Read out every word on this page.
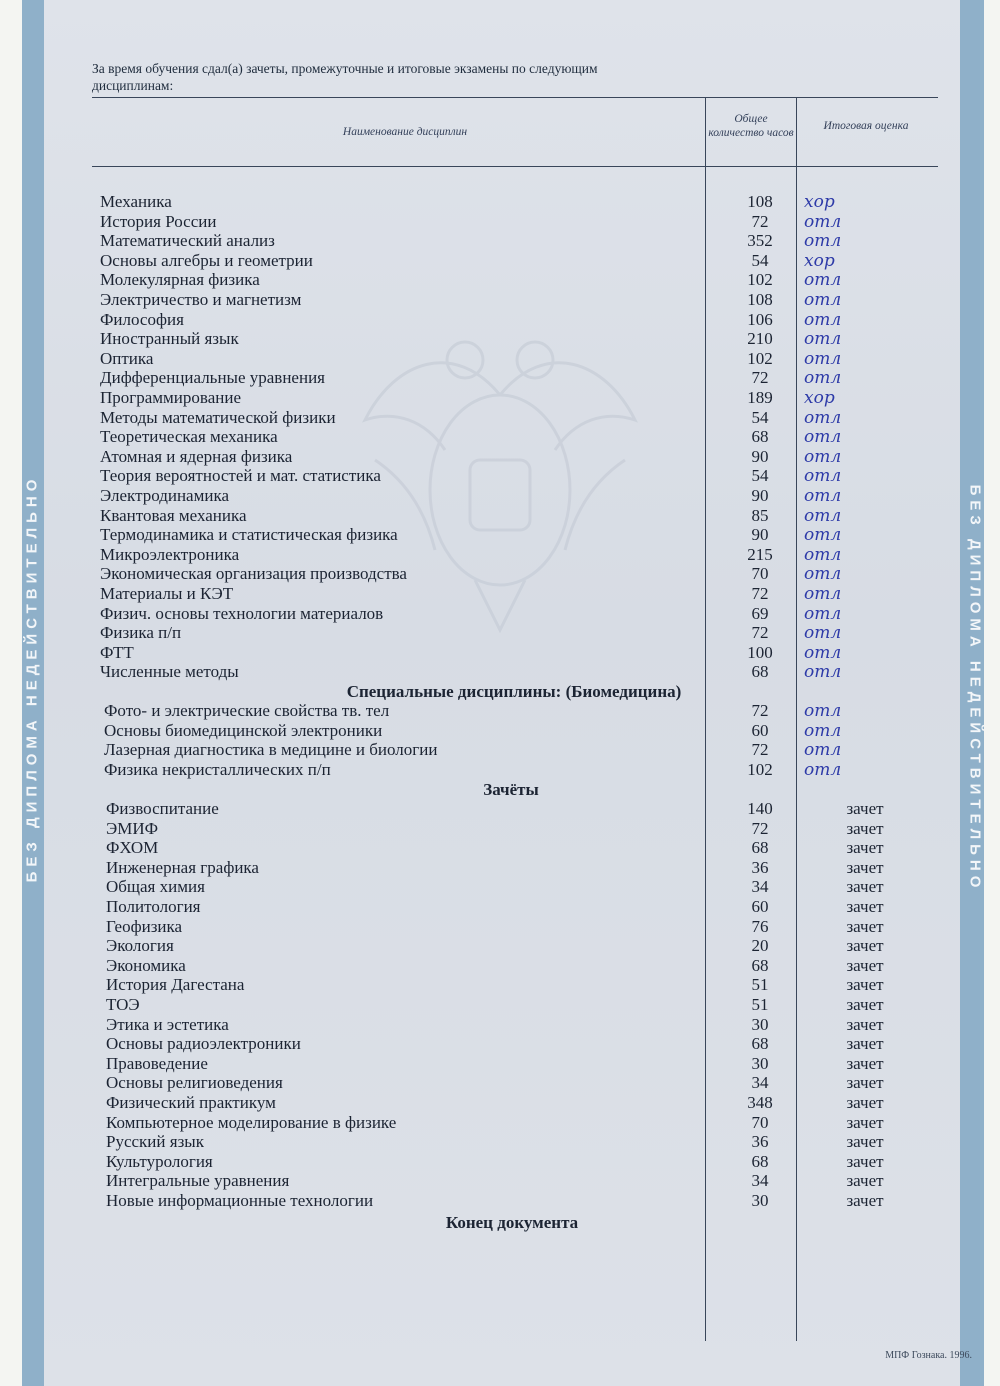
БЕЗ ДИПЛОМА НЕДЕЙСТВИТЕЛЬНО	БЕЗ ДИПЛОМА НЕДЕЙСТВИТЕЛЬНО
За время обучения сдал(а) зачеты, промежуточные и итоговые экзамены по следующим дисциплинам:
Наименование дисциплин
Общее количество часов
Итоговая оценка
Механика	108	хор
История России	72	отл
Математический анализ	352	отл
Основы алгебры и геометрии	54	хор
Молекулярная физика	102	отл
Электричество и магнетизм	108	отл
Философия	106	отл
Иностранный язык	210	отл
Оптика	102	отл
Дифференциальные уравнения	72	отл
Программирование	189	хор
Методы математической физики	54	отл
Теоретическая механика	68	отл
Атомная и ядерная физика	90	отл
Теория вероятностей и мат. статистика	54	отл
Электродинамика	90	отл
Квантовая механика	85	отл
Термодинамика и статистическая физика	90	отл
Микроэлектроника	215	отл
Экономическая организация производства	70	отл
Материалы и КЭТ	72	отл
Физич. основы технологии материалов	69	отл
Физика п/п	72	отл
ФТТ	100	отл
Численные методы	68	отл
Специальные дисциплины: (Биомедицина)
Фото- и электрические свойства тв. тел	72	отл
Основы биомедицинской электроники	60	отл
Лазерная диагностика в медицине и биологии	72	отл
Физика некристаллических п/п	102	отл
Зачёты
Физвоспитание	140	зачет
ЭМИФ	72	зачет
ФХОМ	68	зачет
Инженерная графика	36	зачет
Общая химия	34	зачет
Политология	60	зачет
Геофизика	76	зачет
Экология	20	зачет
Экономика	68	зачет
История Дагестана	51	зачет
ТОЭ	51	зачет
Этика и эстетика	30	зачет
Основы радиоэлектроники	68	зачет
Правоведение	30	зачет
Основы религиоведения	34	зачет
Физический практикум	348	зачет
Компьютерное моделирование в физике	70	зачет
Русский язык	36	зачет
Культурология	68	зачет
Интегральные уравнения	34	зачет
Новые информационные технологии	30	зачет
Конец документа
МПФ Гознака. 1996.
